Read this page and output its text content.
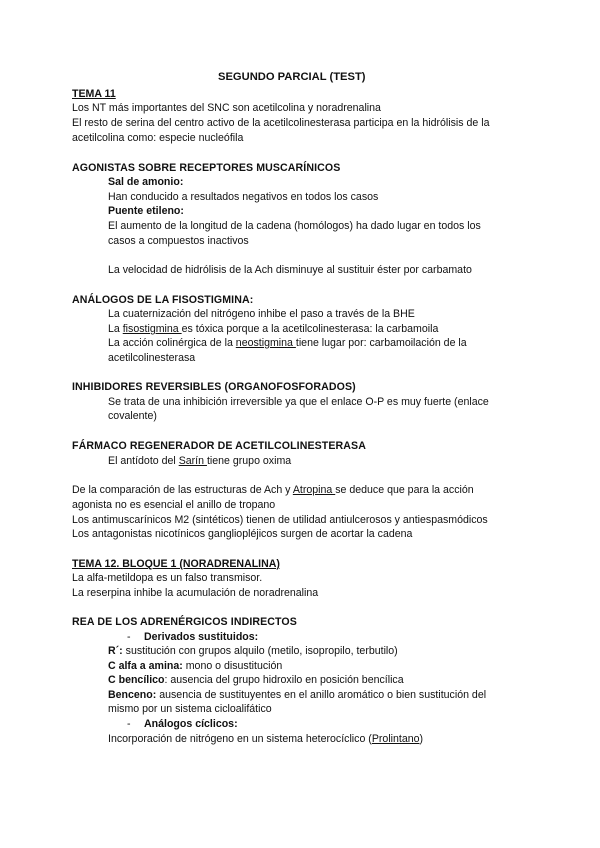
SEGUNDO PARCIAL (TEST)
TEMA 11
Los NT más importantes del SNC son acetilcolina y noradrenalina
El resto de serina del centro activo de la acetilcolinesterasa participa en la hidrólisis de la
acetilcolina como: especie nucleófila
AGONISTAS SOBRE RECEPTORES MUSCARÍNICOS
Sal de amonio:
Han conducido a resultados negativos en todos los casos
Puente etileno:
El aumento de la longitud de la cadena (homólogos) ha dado lugar en todos los
casos a compuestos inactivos
La velocidad de hidrólisis de la Ach disminuye al sustituir éster por carbamato
ANÁLOGOS DE LA FISOSTIGMINA:
La cuaternización del nitrógeno inhibe el paso a través de la BHE
La fisostigmina es tóxica porque a la acetilcolinesterasa: la carbamoila
La acción colinérgica de la neostigmina tiene lugar por: carbamoilación de la
acetilcolinesterasa
INHIBIDORES REVERSIBLES (ORGANOFOSFORADOS)
Se trata de una inhibición irreversible ya que el enlace O-P es muy fuerte (enlace
covalente)
FÁRMACO REGENERADOR DE ACETILCOLINESTERASA
El antídoto del Sarín tiene grupo oxima
De la comparación de las estructuras de Ach y Atropina se deduce que para la acción
agonista no es esencial el anillo de tropano
Los antimuscarínicos M2 (sintéticos) tienen de utilidad antiulcerosos y antiespasmódicos
Los antagonistas nicotínicos gangliopléjicos surgen de acortar la cadena
TEMA 12. BLOQUE 1 (NORADRENALINA)
La alfa-metildopa es un falso transmisor.
La reserpina inhibe la acumulación de noradrenalina
REA DE LOS ADRENÉRGICOS INDIRECTOS
- Derivados sustituidos:
R´: sustitución con grupos alquilo (metilo, isopropilo, terbutilo)
C alfa a amina: mono o disustitución
C bencílico: ausencia del grupo hidroxilo en posición bencílica
Benceno: ausencia de sustituyentes en el anillo aromático o bien sustitución del
mismo por un sistema cicloalifático
- Análogos cíclicos:
Incorporación de nitrógeno en un sistema heterocíclico (Prolintano)
